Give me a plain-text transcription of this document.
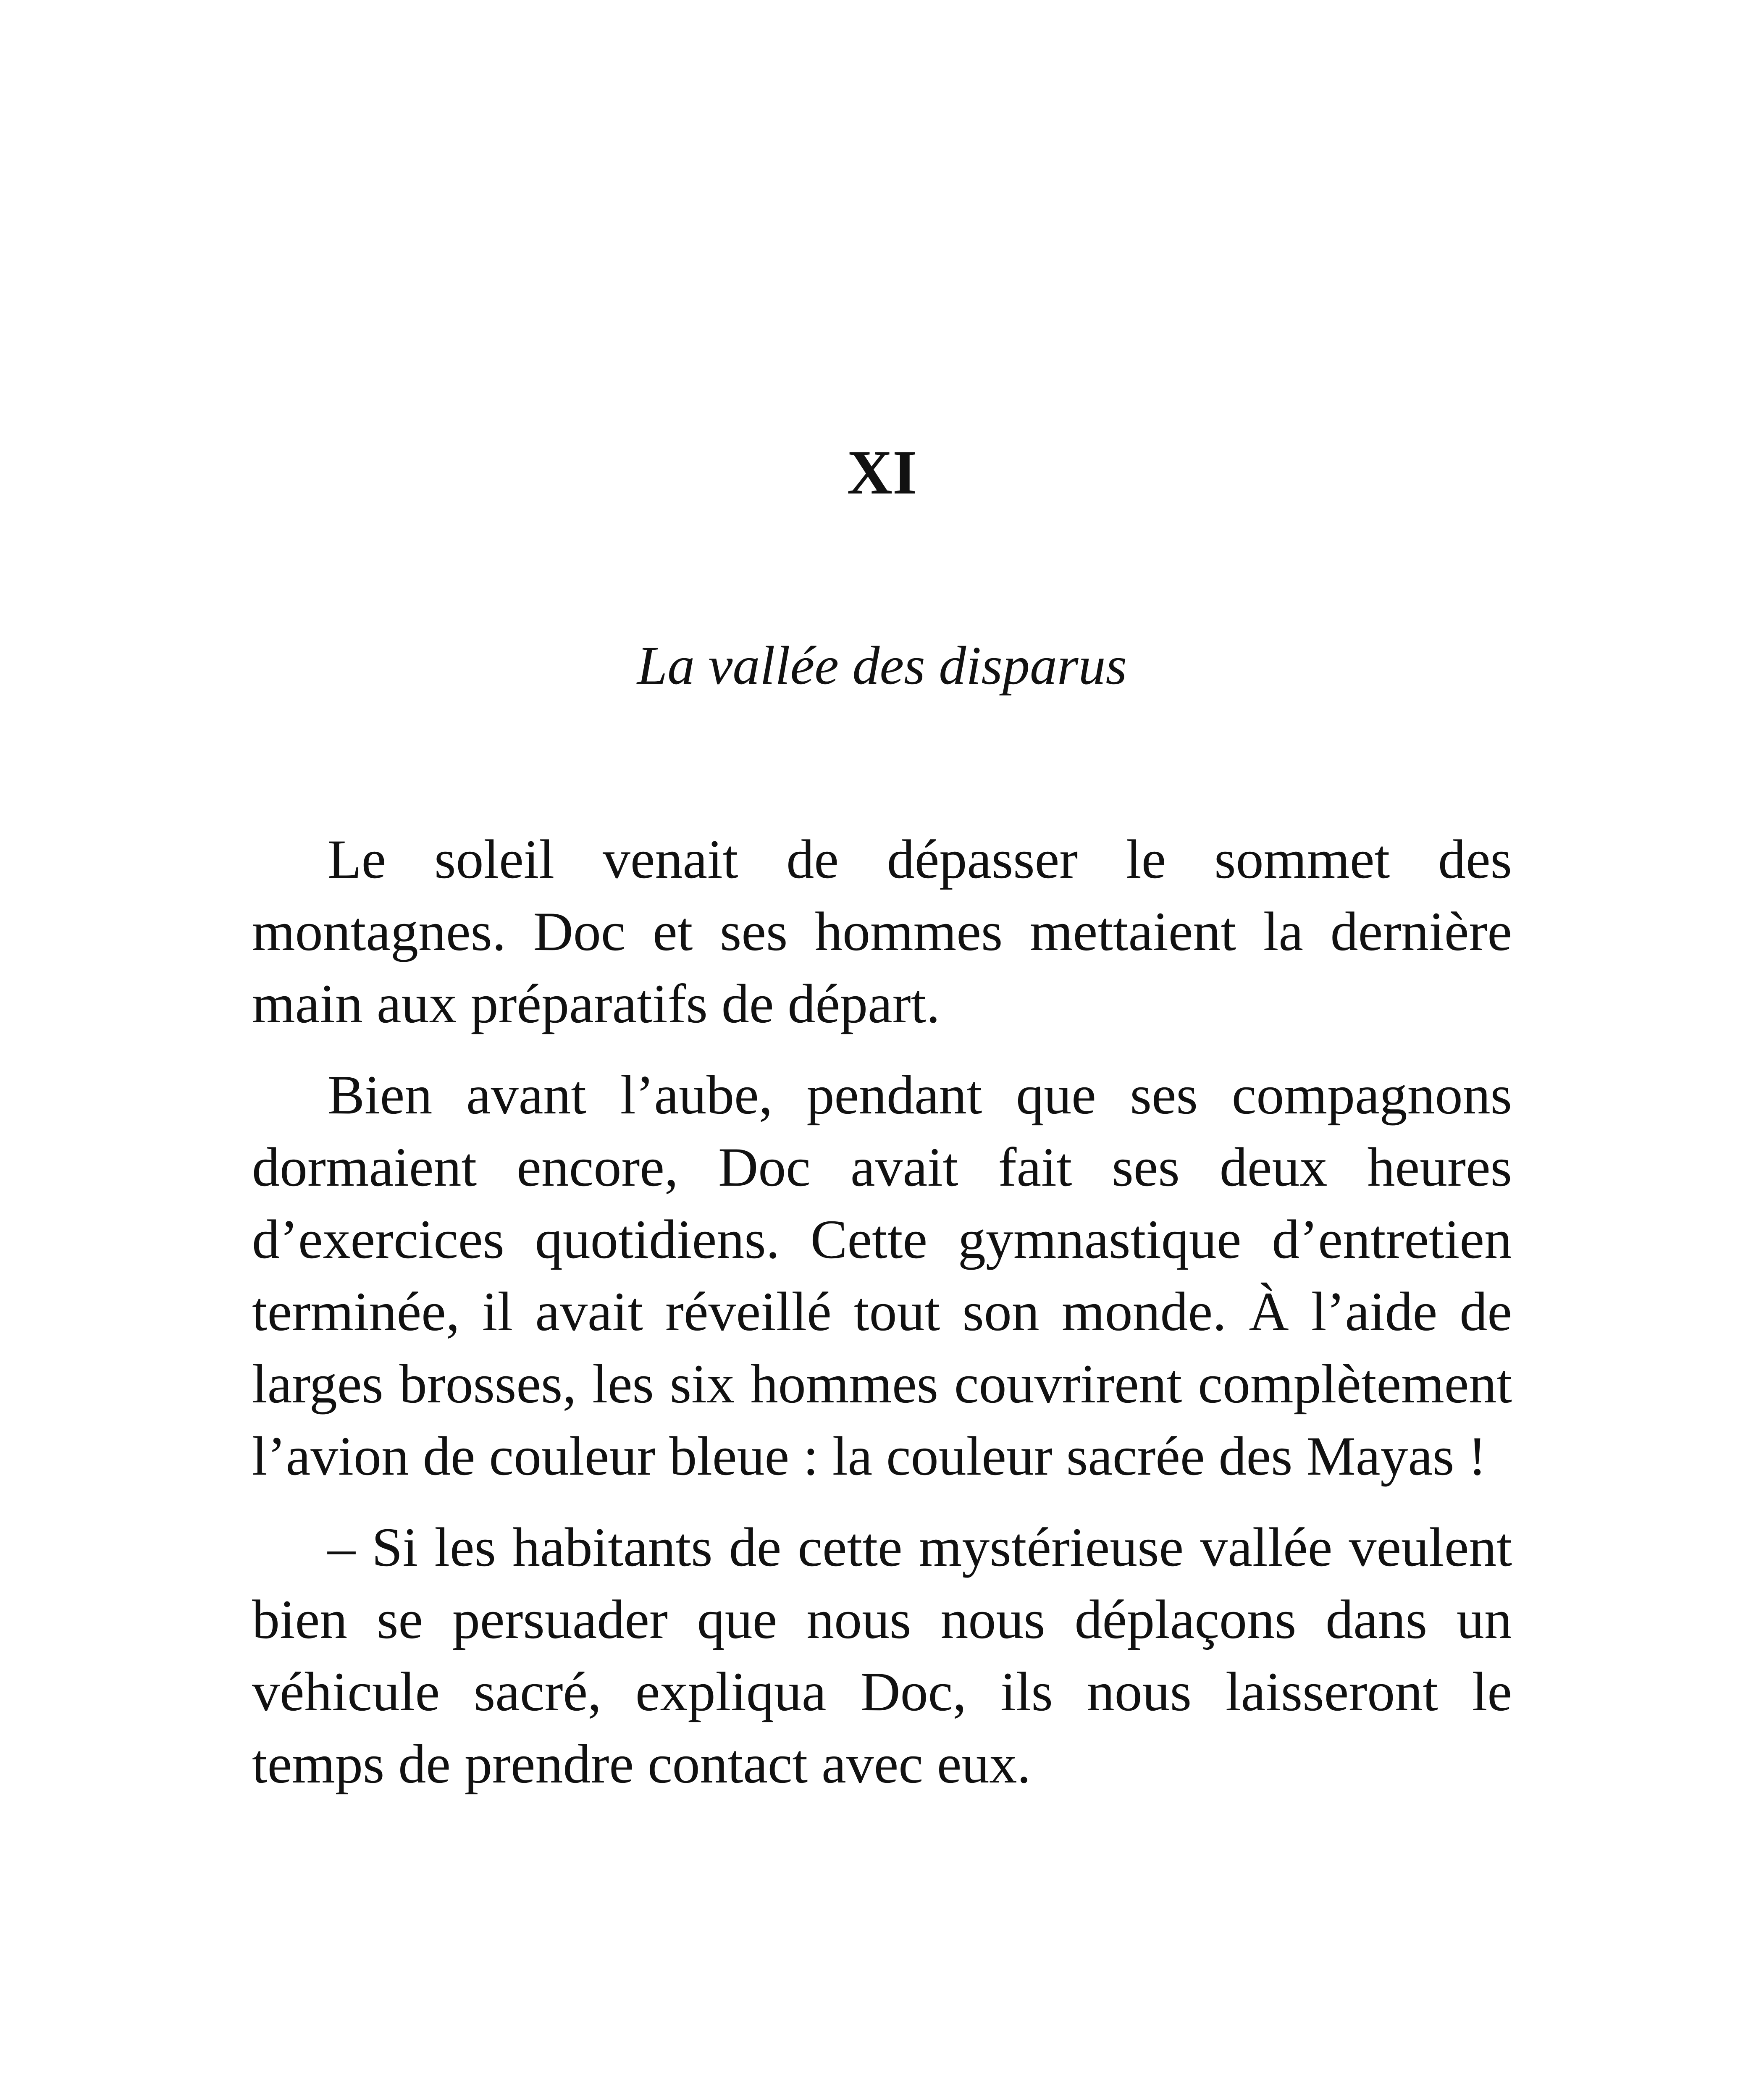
XI
La vallée des disparus

Le soleil venait de dépasser le sommet des montagnes. Doc et ses hommes mettaient la dernière main aux préparatifs de départ.

Bien avant l’aube, pendant que ses compagnons dormaient encore, Doc avait fait ses deux heures d’exercices quotidiens. Cette gymnastique d’entretien terminée, il avait réveillé tout son monde. À l’aide de larges brosses, les six hommes couvrirent complètement l’avion de couleur bleue : la couleur sacrée des Mayas !

– Si les habitants de cette mystérieuse vallée veulent bien se persuader que nous nous déplaçons dans un véhicule sacré, expliqua Doc, ils nous laisseront le temps de prendre contact avec eux.
